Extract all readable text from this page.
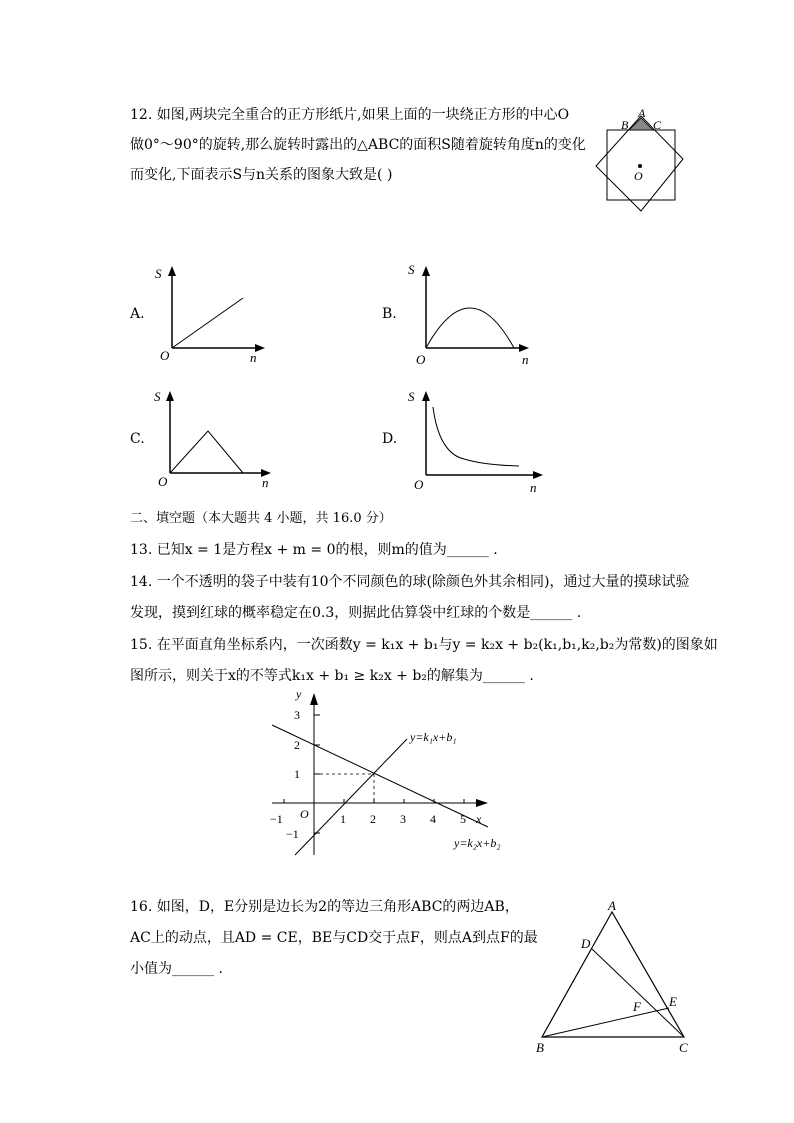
12. 如图,两块完全重合的正方形纸片,如果上面的一块绕正方形的中心O
做0°～90°的旋转,那么旋转时露出的△ABC的面积S随着旋转角度n的变化
而变化,下面表示S与n关系的图象大致是( )
A
B C
O
A.
S
O	n
B.
S
O	n
C.
S
O	n
D.
S
O	n
二、填空题（本大题共 4 小题，共 16.0 分）
13. 已知x = 1是方程x + m = 0的根，则m的值为______ .
14. 一个不透明的袋子中装有10个不同颜色的球(除颜色外其余相同)，通过大量的摸球试验
发现，摸到红球的概率稳定在0.3，则据此估算袋中红球的个数是______ .
15. 在平面直角坐标系内，一次函数y = k₁x + b₁与y = k₂x + b₂(k₁,b₁,k₂,b₂为常数)的图象如
图所示，则关于x的不等式k₁x + b₁ ≥ k₂x + b₂的解集为______ .
y
x
O
−1	1 2 3 4 5
3
2
1
−1
y=k₁x+b₁
y=k₂x+b₂
16. 如图，D，E分别是边长为2的等边三角形ABC的两边AB，
AC上的动点，且AD = CE，BE与CD交于点F，则点A到点F的最
小值为______ .
A
B	C
D
E
F
